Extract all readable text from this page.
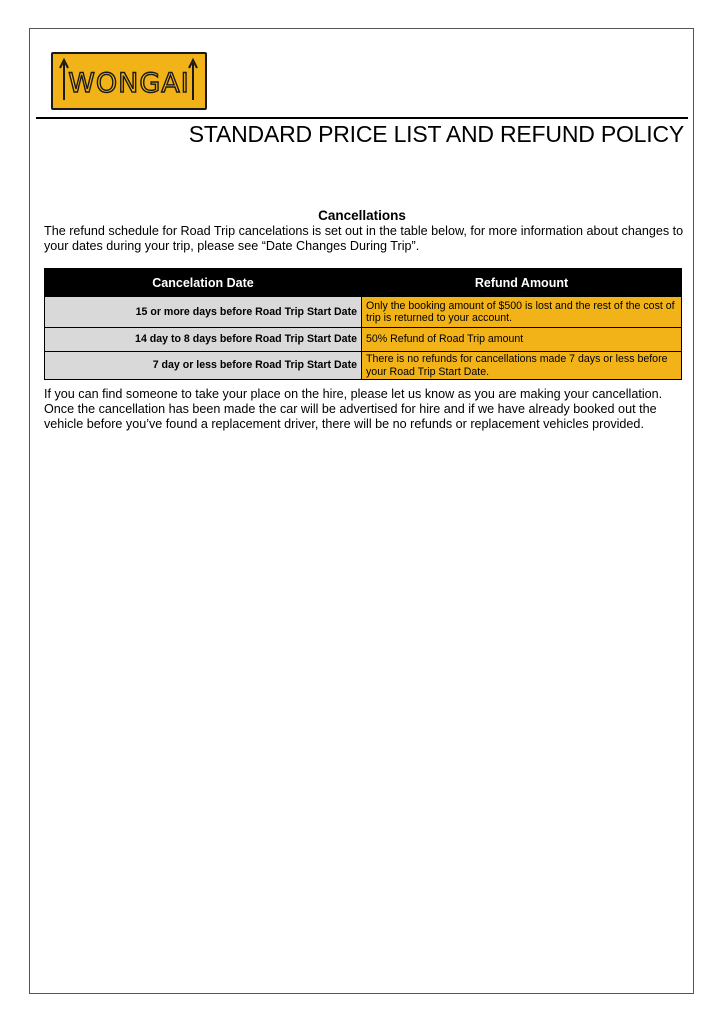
WONGAI
STANDARD PRICE LIST AND REFUND POLICY
Cancellations
The refund schedule for Road Trip cancelations is set out in the table below, for more information about changes to your dates during your trip, please see “Date Changes During Trip”.
Cancelation Date	Refund Amount
15 or more days before Road Trip Start Date	Only the booking amount of $500 is lost and the rest of the cost of trip is returned to your account.
14 day to 8 days before Road Trip Start Date	50% Refund of Road Trip amount
7 day or less before Road Trip Start Date	There is no refunds for cancellations made 7 days or less before your Road Trip Start Date.
If you can find someone to take your place on the hire, please let us know as you are making your cancellation. Once the cancellation has been made the car will be advertised for hire and if we have already booked out the vehicle before you’ve found a replacement driver, there will be no refunds or replacement vehicles provided.
